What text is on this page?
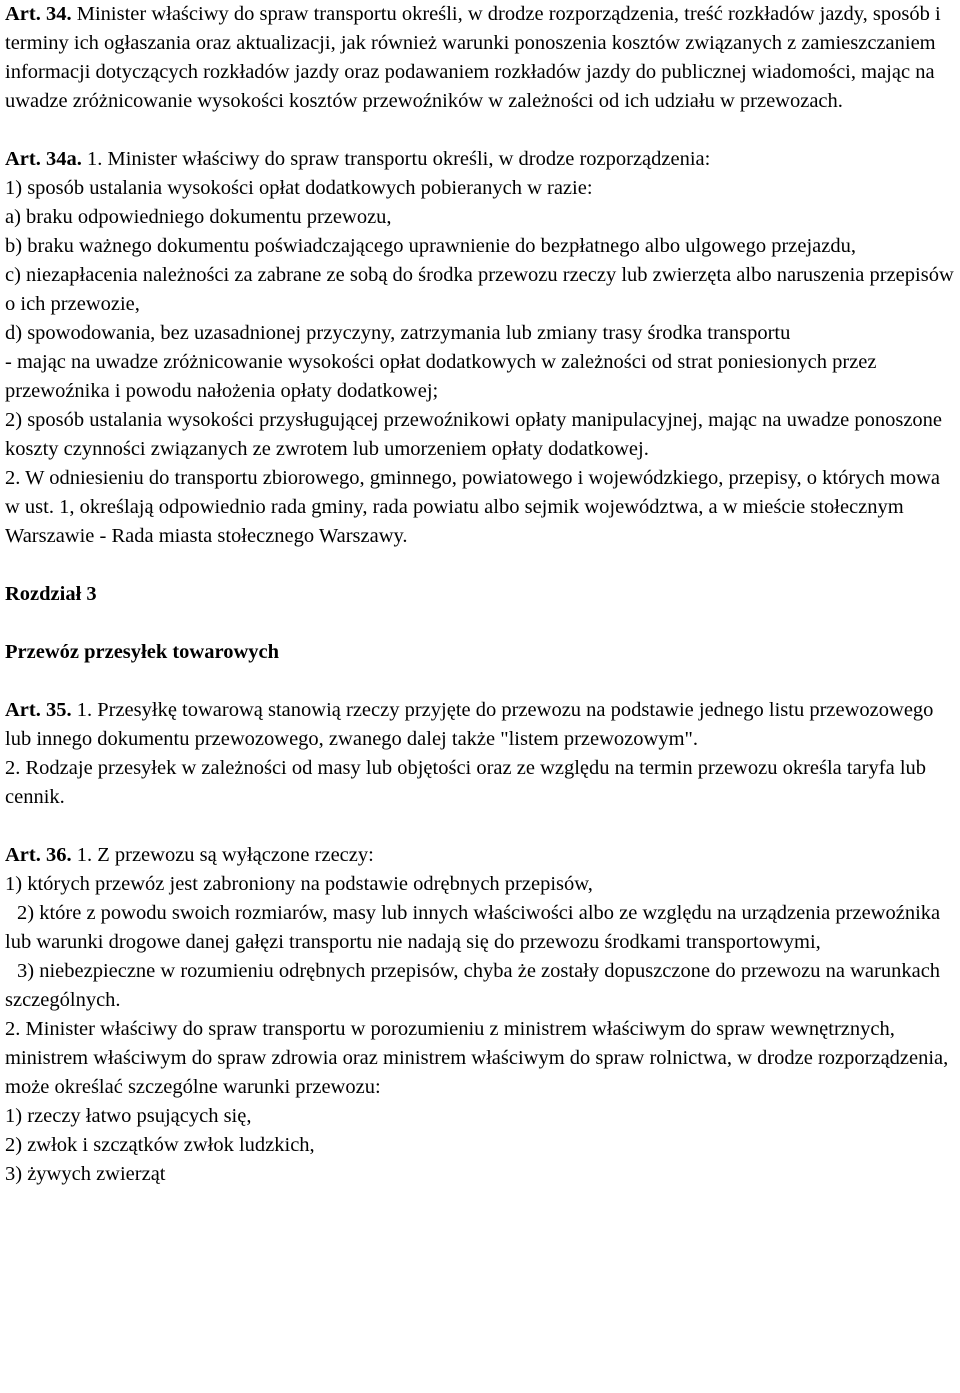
Art. 34. Minister właściwy do spraw transportu określi, w drodze rozporządzenia, treść rozkładów jazdy, sposób i terminy ich ogłaszania oraz aktualizacji, jak również warunki ponoszenia kosztów związanych z zamieszczaniem informacji dotyczących rozkładów jazdy oraz podawaniem rozkładów jazdy do publicznej wiadomości, mając na uwadze zróżnicowanie wysokości kosztów przewoźników w zależności od ich udziału w przewozach.

Art. 34a. 1. Minister właściwy do spraw transportu określi, w drodze rozporządzenia:

1) sposób ustalania wysokości opłat dodatkowych pobieranych w razie:

a) braku odpowiedniego dokumentu przewozu,

b) braku ważnego dokumentu poświadczającego uprawnienie do bezpłatnego albo ulgowego przejazdu,

c) niezapłacenia należności za zabrane ze sobą do środka przewozu rzeczy lub zwierzęta albo naruszenia przepisów o ich przewozie,

d) spowodowania, bez uzasadnionej przyczyny, zatrzymania lub zmiany trasy środka transportu

- mając na uwadze zróżnicowanie wysokości opłat dodatkowych w zależności od strat poniesionych przez przewoźnika i powodu nałożenia opłaty dodatkowej;

2) sposób ustalania wysokości przysługującej przewoźnikowi opłaty manipulacyjnej, mając na uwadze ponoszone koszty czynności związanych ze zwrotem lub umorzeniem opłaty dodatkowej.

2. W odniesieniu do transportu zbiorowego, gminnego, powiatowego i wojewódzkiego, przepisy, o których mowa w ust. 1, określają odpowiednio rada gminy, rada powiatu albo sejmik województwa, a w mieście stołecznym Warszawie - Rada miasta stołecznego Warszawy.

Rozdział 3

Przewóz przesyłek towarowych

Art. 35. 1. Przesyłkę towarową stanowią rzeczy przyjęte do przewozu na podstawie jednego listu przewozowego lub innego dokumentu przewozowego, zwanego dalej także "listem przewozowym".

2. Rodzaje przesyłek w zależności od masy lub objętości oraz ze względu na termin przewozu określa taryfa lub cennik.

Art. 36. 1. Z przewozu są wyłączone rzeczy:

1) których przewóz jest zabroniony na podstawie odrębnych przepisów,

2) które z powodu swoich rozmiarów, masy lub innych właściwości albo ze względu na urządzenia przewoźnika lub warunki drogowe danej gałęzi transportu nie nadają się do przewozu środkami transportowymi,

3) niebezpieczne w rozumieniu odrębnych przepisów, chyba że zostały dopuszczone do przewozu na warunkach szczególnych.

2. Minister właściwy do spraw transportu w porozumieniu z ministrem właściwym do spraw wewnętrznych, ministrem właściwym do spraw zdrowia oraz ministrem właściwym do spraw rolnictwa, w drodze rozporządzenia, może określać szczególne warunki przewozu:

1) rzeczy łatwo psujących się,

2) zwłok i szczątków zwłok ludzkich,

3) żywych zwierząt
